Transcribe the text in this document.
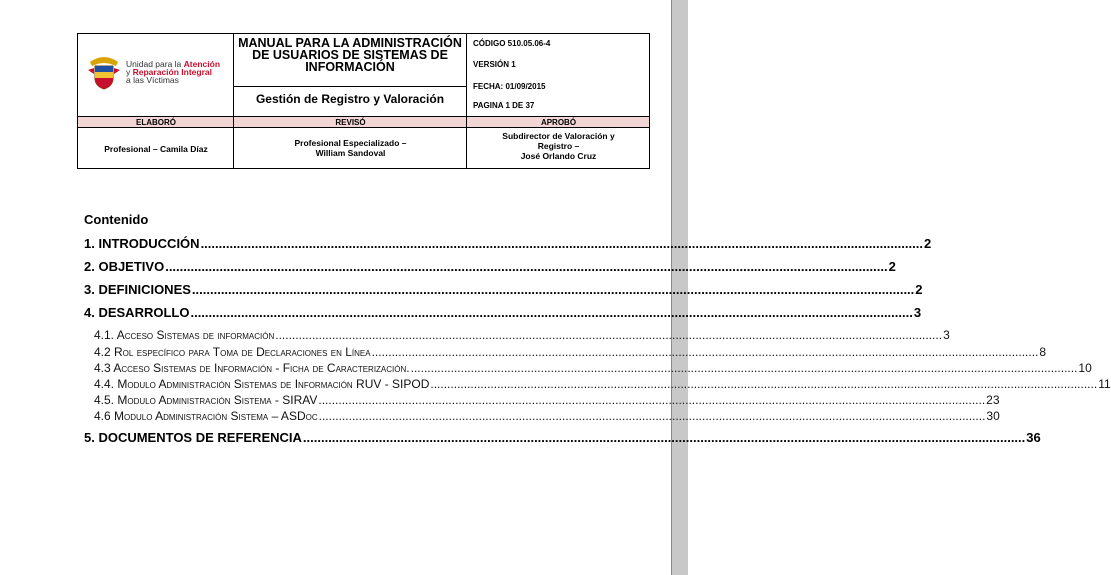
Unidad para la Atención
y Reparación Integral
a las Víctimas
MANUAL PARA LA ADMINISTRACIÓN DE USUARIOS DE SISTEMAS DE INFORMACIÓN
Gestión de Registro y Valoración
CÓDIGO 510.05.06-4
VERSIÓN 1
FECHA: 01/09/2015
PAGINA 1 DE 37
ELABORÓ	REVISÓ	APROBÓ
Profesional – Camila Díaz
Profesional Especializado –
William Sandoval
Subdirector de Valoración y
Registro –
José Orlando Cruz
Contenido
1. INTRODUCCIÓN ........................................................................................................................................................................................................ 2
2. OBJETIVO ........................................................................................................................................................................................................ 2
3. DEFINICIONES ........................................................................................................................................................................................................ 2
4. DESARROLLO ........................................................................................................................................................................................................ 3
4.1. Acceso Sistemas de información ........................................................................................................................................................................................................ 3
4.2 Rol específico para Toma de Declaraciones en Línea ........................................................................................................................................................................................................ 8
4.3 Acceso Sistemas de Información - Ficha de Caracterización. ........................................................................................................................................................................................................ 10
4.4. Modulo Administración Sistemas de Información RUV - SIPOD ........................................................................................................................................................................................................ 11
4.5. Modulo Administración Sistema - SIRAV ........................................................................................................................................................................................................ 23
4.6 Modulo Administración Sistema – ASDoc ........................................................................................................................................................................................................ 30
5. DOCUMENTOS DE REFERENCIA ........................................................................................................................................................................................................ 36
